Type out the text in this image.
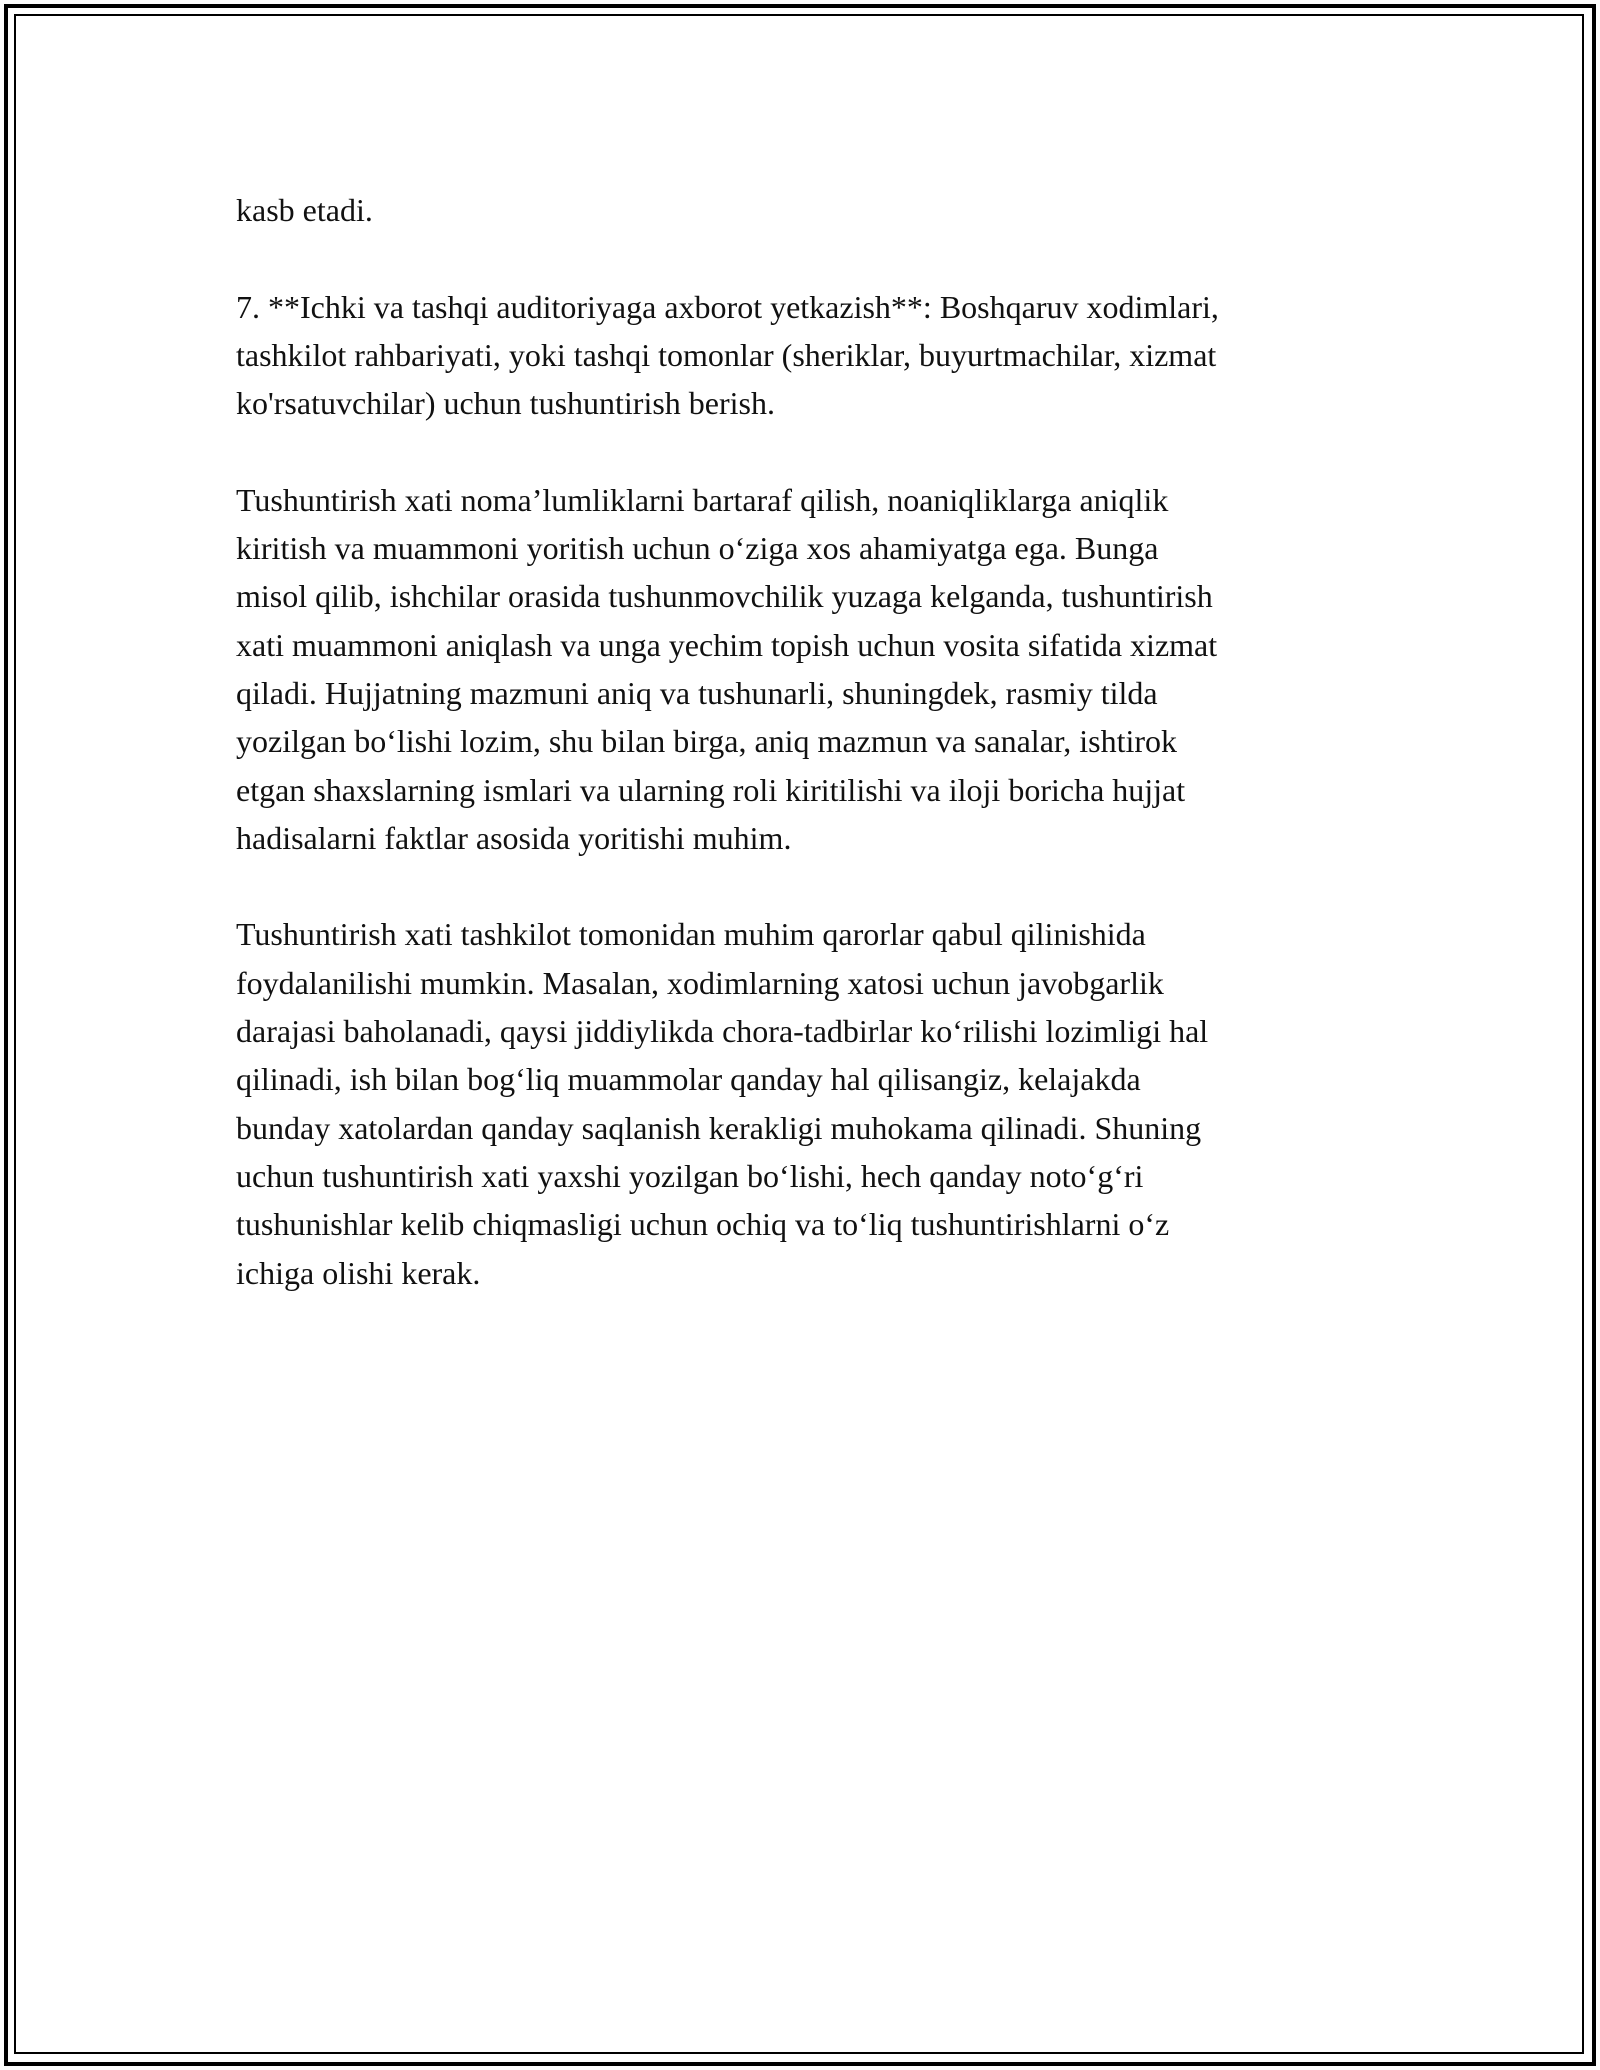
kasb etadi.

7. **Ichki va tashqi auditoriyaga axborot yetkazish**: Boshqaruv xodimlari,
tashkilot rahbariyati, yoki tashqi tomonlar (sheriklar, buyurtmachilar, xizmat
ko'rsatuvchilar) uchun tushuntirish berish.

Tushuntirish xati noma’lumliklarni bartaraf qilish, noaniqliklarga aniqlik
kiritish va muammoni yoritish uchun o‘ziga xos ahamiyatga ega. Bunga
misol qilib, ishchilar orasida tushunmovchilik yuzaga kelganda, tushuntirish
xati muammoni aniqlash va unga yechim topish uchun vosita sifatida xizmat
qiladi. Hujjatning mazmuni aniq va tushunarli, shuningdek, rasmiy tilda
yozilgan bo‘lishi lozim, shu bilan birga, aniq mazmun va sanalar, ishtirok
etgan shaxslarning ismlari va ularning roli kiritilishi va iloji boricha hujjat
hadisalarni faktlar asosida yoritishi muhim.

Tushuntirish xati tashkilot tomonidan muhim qarorlar qabul qilinishida
foydalanilishi mumkin. Masalan, xodimlarning xatosi uchun javobgarlik
darajasi baholanadi, qaysi jiddiylikda chora-tadbirlar ko‘rilishi lozimligi hal
qilinadi, ish bilan bog‘liq muammolar qanday hal qilisangiz, kelajakda
bunday xatolardan qanday saqlanish kerakligi muhokama qilinadi. Shuning
uchun tushuntirish xati yaxshi yozilgan bo‘lishi, hech qanday noto‘g‘ri
tushunishlar kelib chiqmasligi uchun ochiq va to‘liq tushuntirishlarni o‘z
ichiga olishi kerak.
